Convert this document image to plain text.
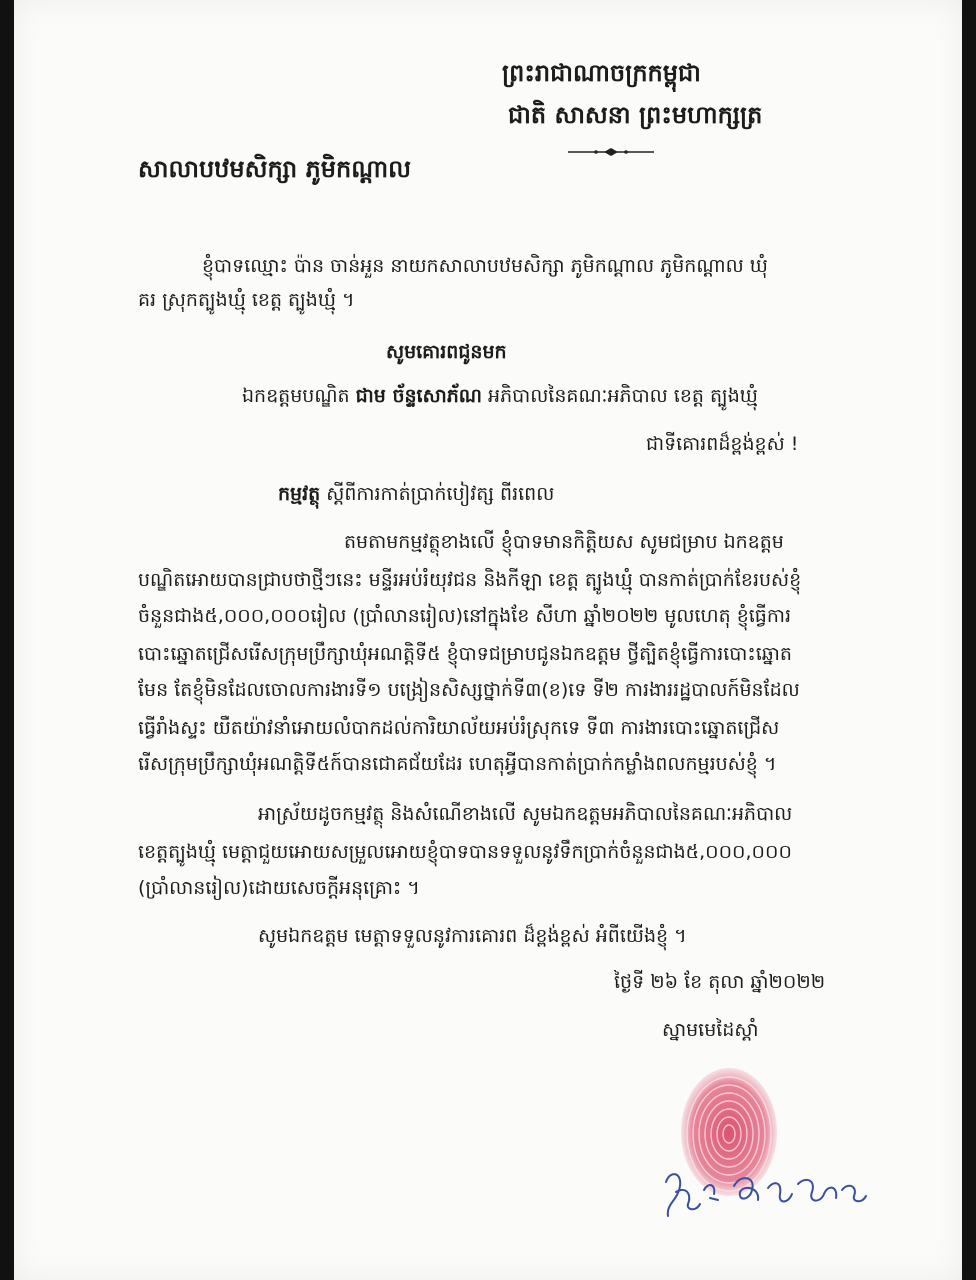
ព្រះរាជាណាចក្រកម្ពុជា
ជាតិ សាសនា ព្រះមហាក្សត្រ
សាលាបឋមសិក្សា ភូមិកណ្តាល
ខ្ញុំបាទឈ្មោះ ប៉ាន ចាន់អួន នាយកសាលាបឋមសិក្សា ភូមិកណ្តាល ភូមិកណ្តាល ឃុំ
គរ ស្រុកត្បូងឃ្មុំ ខេត្ត ត្បូងឃ្មុំ ។
សូមគោរពជូនមក
ឯកឧត្តមបណ្ឌិត ជាម ច័ន្ទសោភ័ណ អភិបាលនៃគណៈអភិបាល ខេត្ត ត្បូងឃ្មុំ
ជាទីគោរពដ៏ខ្ពង់ខ្ពស់ !
កម្មវត្ថុ ស្តីពីការកាត់ប្រាក់បៀវត្ស ពីរពេល
តមតាមកម្មវត្ថុខាងលើ ខ្ញុំបាទមានកិត្តិយស សូមជម្រាប ឯកឧត្តម
បណ្ឌិតអោយបានជ្រាបថាថ្មីៗនេះ មន្ទីរអប់រំយុវជន និងកីឡា ខេត្ត ត្បូងឃ្មុំ បានកាត់ប្រាក់ខែរបស់ខ្ញុំ
ចំនួនជាង៥,០០០,០០០រៀល (ប្រាំលានរៀល)នៅក្នុងខែ សីហា ឆ្នាំ២០២២ មូលហេតុ ខ្ញុំធ្វើការ
បោះឆ្នោតជ្រើសរើសក្រុមប្រឹក្សាឃុំអណត្តិទី៥ ខ្ញុំបាទជម្រាបជូនឯកឧត្តម ថ្វីត្បិតខ្ញុំធ្វើការបោះឆ្នោត
មែន តែខ្ញុំមិនដែលចោលការងារទី១ បង្រៀនសិស្សថ្នាក់ទី៣(ខ)ទេ ទី២ ការងាររដ្ឋបាលក៍មិនដែល
ធ្វើរាំងស្ទះ យឺតយ៉ាវនាំអោយលំបាកដល់ការិយាល័យអប់រំស្រុកទេ ទី៣ ការងារបោះឆ្នោតជ្រើស
រើសក្រុមប្រឹក្សាឃុំអណត្តិទី៥ក៍បានជោគជ័យដែរ ហេតុអ្វីបានកាត់ប្រាក់កម្លាំងពលកម្មរបស់ខ្ញុំ ។
អាស្រ័យដូចកម្មវត្ថុ និងសំណើខាងលើ សូមឯកឧត្តមអភិបាលនៃគណៈអភិបាល
ខេត្តត្បូងឃ្មុំ មេត្តាជួយអោយសម្រួលអោយខ្ញុំបាទបានទទួលនូវទឹកប្រាក់ចំនួនជាង៥,០០០,០០០
(ប្រាំលានរៀល)ដោយសេចក្តីអនុគ្រោះ ។
សូមឯកឧត្តម មេត្តាទទួលនូវការគោរព ដ៏ខ្ពង់ខ្ពស់ អំពីយើងខ្ញុំ ។
ថ្ងៃទី ២៦ ខែ តុលា ឆ្នាំ២០២២
ស្នាមមេដៃស្តាំ
